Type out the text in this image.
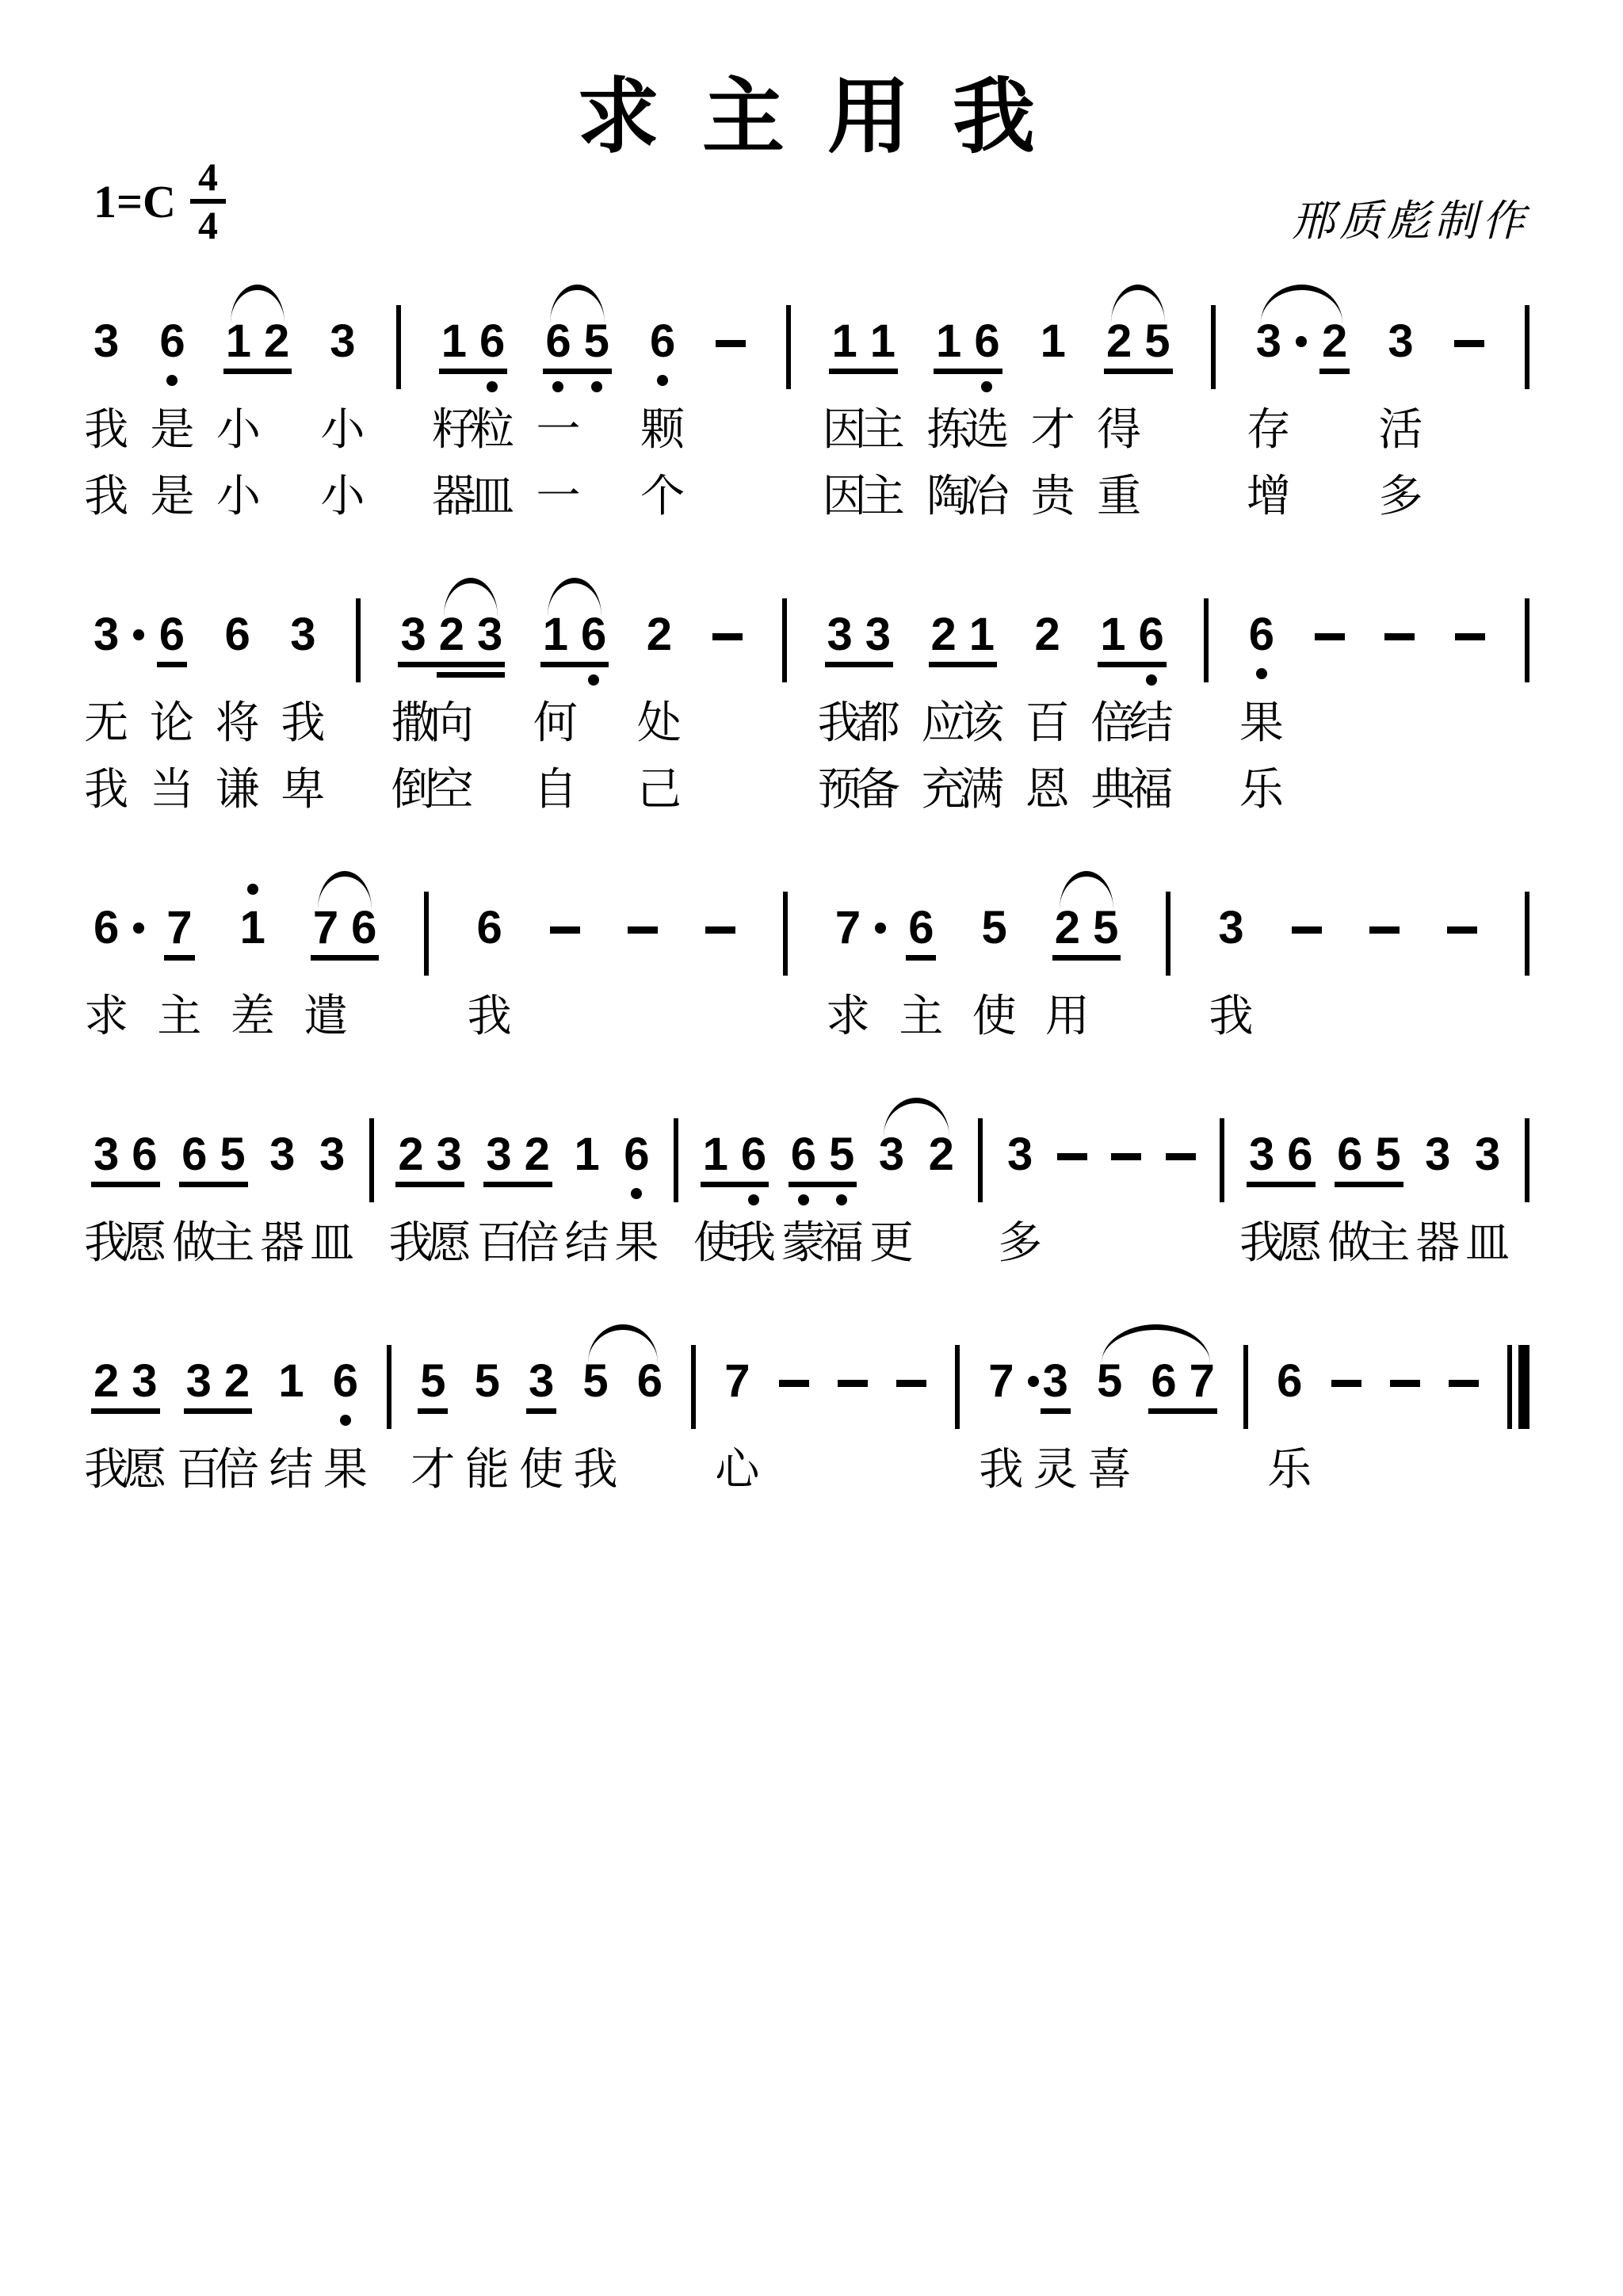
求 主 用 我
$1=C \frac{4}{4}$	邢质彪制作
3 6 1 2 3 1 6 6 5 6	1 1 1 6 1 2 5 3 2 3
我 是 小 小 籽
粒 一 颗	因
主 拣
选 才 得 存 活
我 是 小 小 器
皿 一 个	因
主 陶
冶 贵 重 增 多
3 6 6 3 3 2 3 1 6 2	3 3 2 1 2 1 6 6
无 论 将 我 撒
向 何 处	我
都 应
该 百 倍
结 果
我 当 谦 卑 倒
空 自 己	预
备 充
满 恩 典
福 乐
6 7 1 7 6 6	7 6 5 2 5 3
求 主 差 遣	我	求 主 使 用	我
3 6 6 5 3 3 2 3 3 2 1 6 1 6 6 5 3 2 3	3 6 6 5 3 3
我
愿 做
主 器 皿 我
愿 百
倍 结 果 使
我 蒙
福 更 多	我
愿 做
主 器 皿
2 3 3 2 1 6 5 5 3 5 6 7	7 3 5 6 7 6
我
愿 百
倍 结 果 才 能 使 我 心	我 灵 喜	乐
